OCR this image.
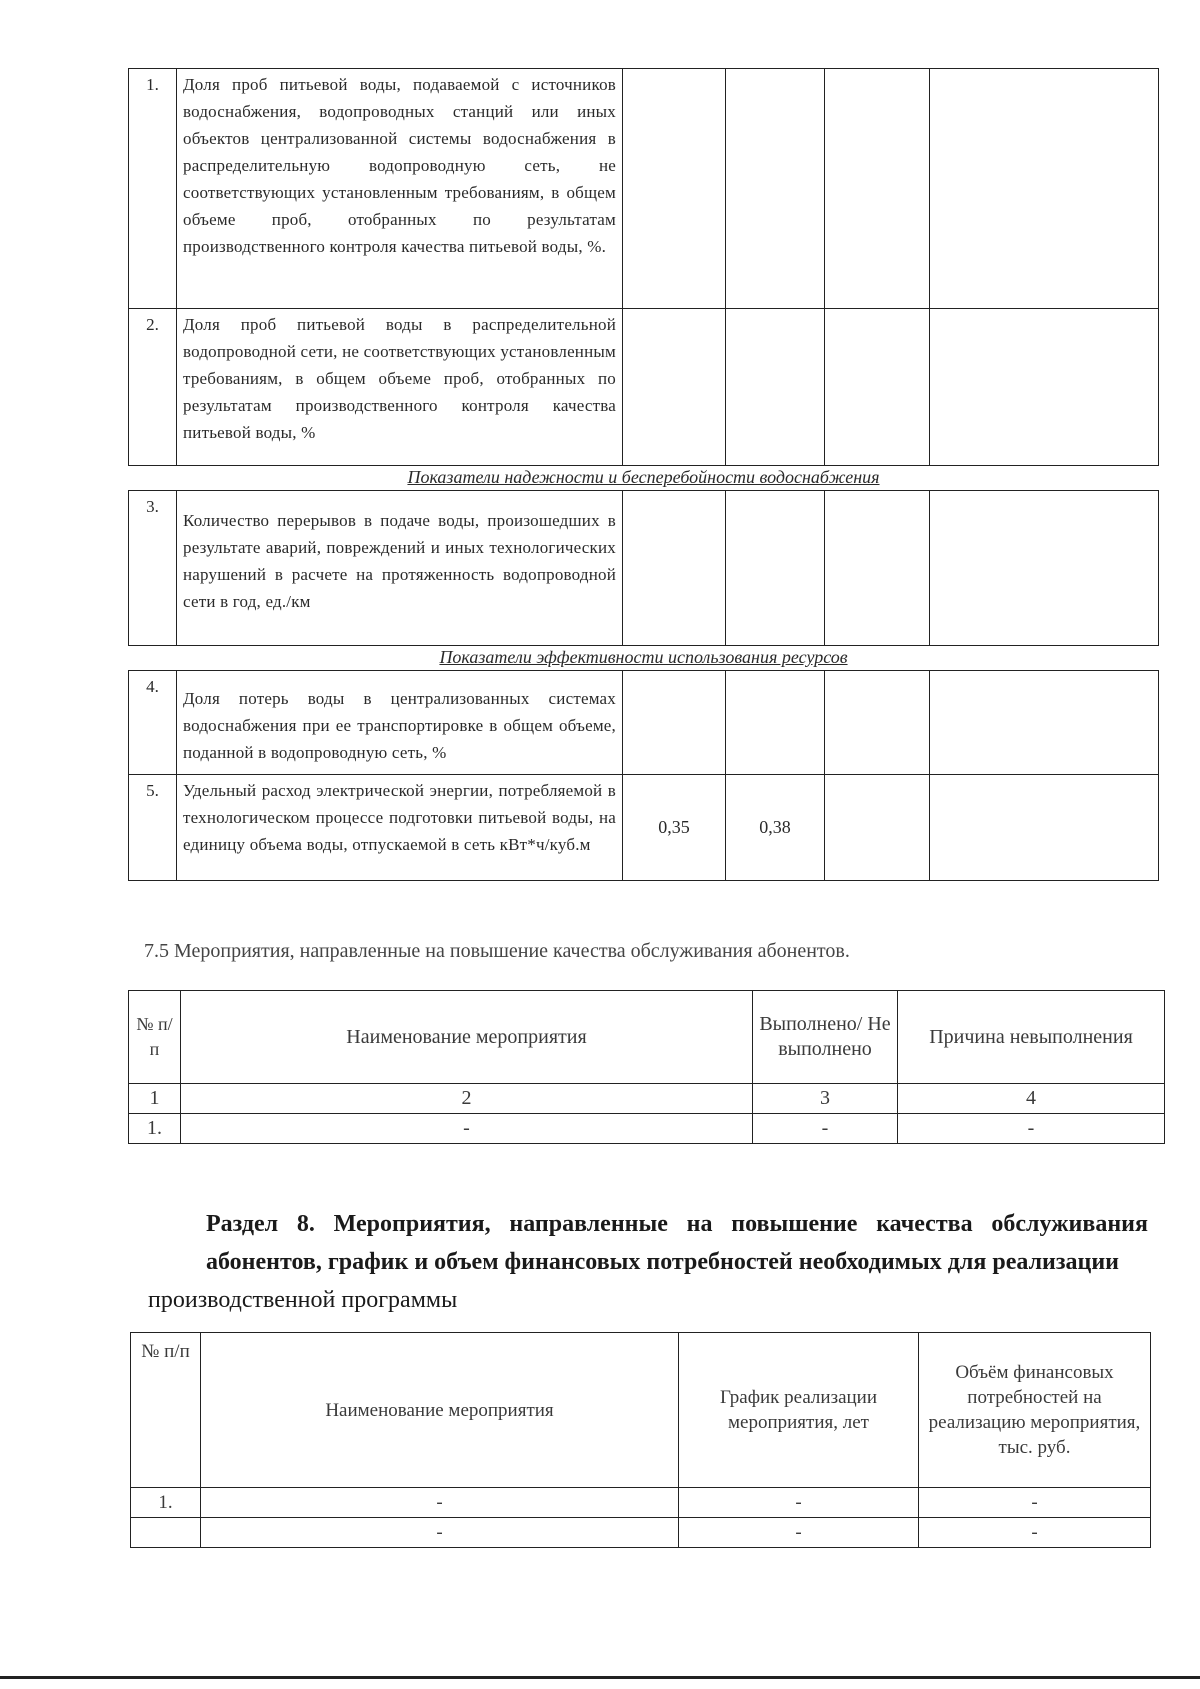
1.	Доля проб питьевой воды, подаваемой с источников водоснабжения, водопроводных станций или иных объектов централизованной системы водоснабжения в распределительную водопроводную сеть, не соответствующих установленным требованиям, в общем объеме проб, отобранных по результатам производственного контроля качества питьевой воды, %.				
2.	Доля проб питьевой воды в распределительной водопроводной сети, не соответствующих установленным требованиям, в общем объеме проб, отобранных по результатам производственного контроля качества питьевой воды, %				
Показатели надежности и бесперебойности водоснабжения					
3.	Количество перерывов в подаче воды, произошедших в результате аварий, повреждений и иных технологических нарушений в расчете на протяженность водопроводной сети в год, ед./км				
Показатели эффективности использования ресурсов					
4.	Доля потерь воды в централизованных системах водоснабжения при ее транспортировке в общем объеме, поданной в водопроводную сеть, %				
5.	Удельный расход электрической энергии, потребляемой в технологическом процессе подготовки питьевой воды, на единицу объема воды, отпускаемой в сеть кВт*ч/куб.м	0,35	0,38		
7.5 Мероприятия, направленные на повышение качества обслуживания абонентов.
№ п/п	Наименование мероприятия	Выполнено/ Не выполнено	Причина невыполнения
1	2	3	4
1.	-	-	-
Раздел 8. Мероприятия, направленные на повышение качества обслуживания абонентов, график и объем финансовых потребностей необходимых для реализации
производственной программы
№ п/п	Наименование мероприятия	График реализации мероприятия, лет	Объём финансовых потребностей на реализацию мероприятия, тыс. руб.
1.	-	-	-
	-	-	-
